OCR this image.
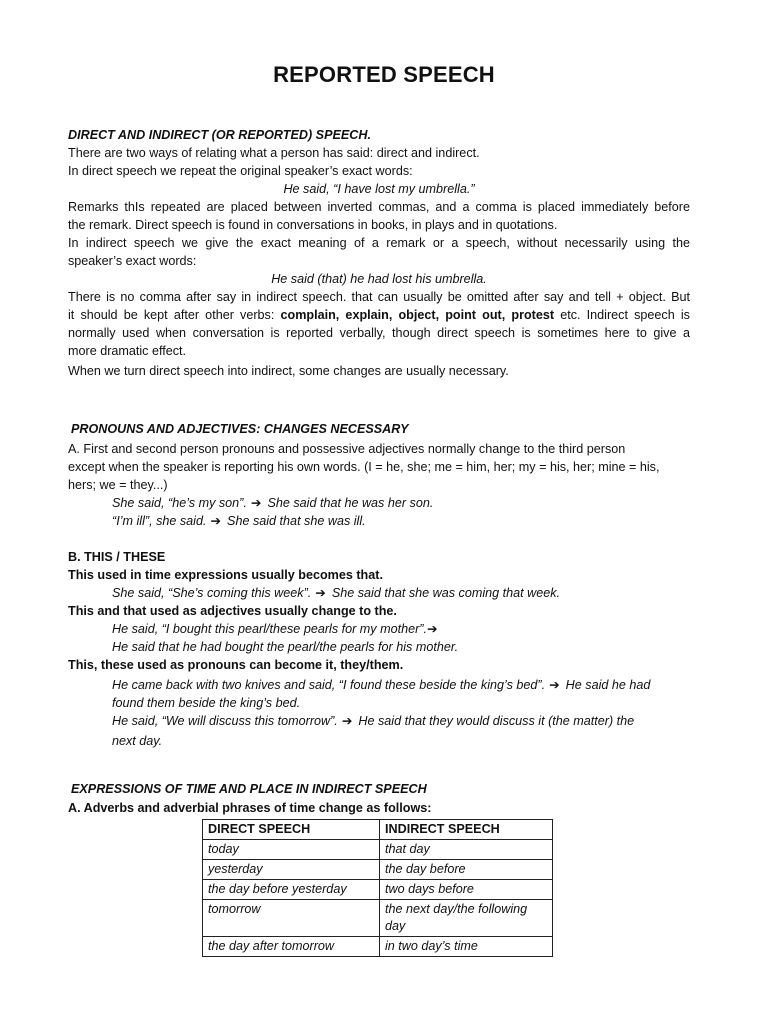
REPORTED SPEECH
DIRECT AND INDIRECT (OR REPORTED) SPEECH.
There are two ways of relating what a person has said: direct and indirect.
In direct speech we repeat the original speaker’s exact words:
He said, “I have lost my umbrella.”
Remarks thIs repeated are placed between inverted commas, and a comma is placed immediately before
the remark. Direct speech is found in conversations in books, in plays and in quotations.
In indirect speech we give the exact meaning of a remark or a speech, without necessarily using the
speaker’s exact words:
He said (that) he had lost his umbrella.
There is no comma after say in indirect speech. that can usually be omitted after say and tell + object. But
it should be kept after other verbs: complain, explain, object, point out, protest etc. Indirect speech is
normally used when conversation is reported verbally, though direct speech is sometimes here to give a
more dramatic effect.
When we turn direct speech into indirect, some changes are usually necessary.
PRONOUNS AND ADJECTIVES: CHANGES NECESSARY
A. First and second person pronouns and possessive adjectives normally change to the third person
except when the speaker is reporting his own words. (I = he, she; me = him, her; my = his, her; mine = his,
hers; we = they...)
She said, “he’s my son”. ➔ She said that he was her son.
“I’m ill”, she said. ➔ She said that she was ill.
B. THIS / THESE
This used in time expressions usually becomes that.
She said, “She’s coming this week”. ➔ She said that she was coming that week.
This and that used as adjectives usually change to the.
He said, “I bought this pearl/these pearls for my mother”.➔
He said that he had bought the pearl/the pearls for his mother.
This, these used as pronouns can become it, they/them.
He came back with two knives and said, “I found these beside the king’s bed”. ➔ He said he had
found them beside the king’s bed.
He said, “We will discuss this tomorrow”. ➔ He said that they would discuss it (the matter) the
next day.
EXPRESSIONS OF TIME AND PLACE IN INDIRECT SPEECH
A. Adverbs and adverbial phrases of time change as follows:
DIRECT SPEECH	INDIRECT SPEECH
today	that day
yesterday	the day before
the day before yesterday	two days before
tomorrow	the next day/the following day
the day after tomorrow	in two day’s time
